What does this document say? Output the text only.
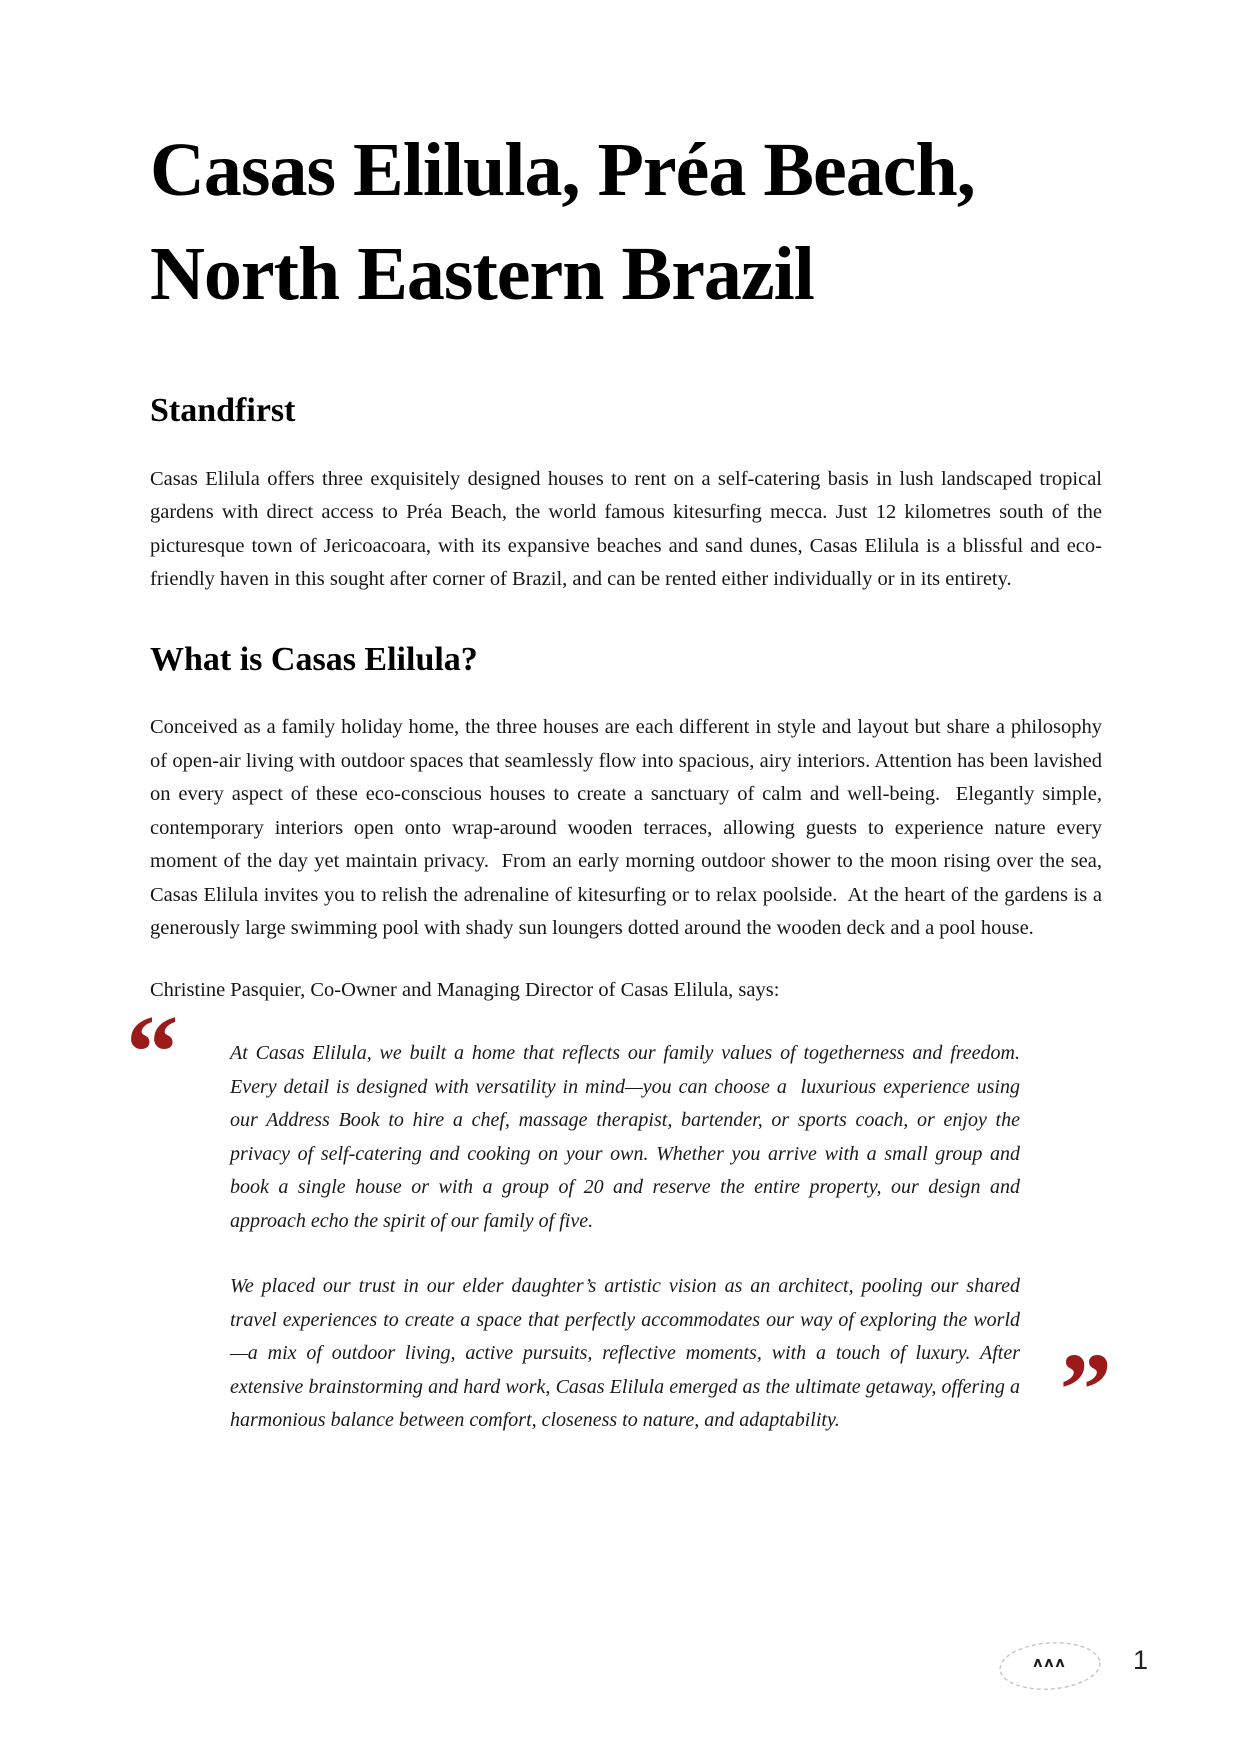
Casas Elilula, Préa Beach,
North Eastern Brazil
Standfirst

Casas Elilula offers three exquisitely designed houses to rent on a self-catering basis in lush landscaped tropical gardens with direct access to Préa Beach, the world famous kitesurfing mecca. Just 12 kilometres south of the picturesque town of Jericoacoara, with its expansive beaches and sand dunes, Casas Elilula is a blissful and eco-friendly haven in this sought after corner of Brazil, and can be rented either individually or in its entirety.

What is Casas Elilula?

Conceived as a family holiday home, the three houses are each different in style and layout but share a philosophy of open-air living with outdoor spaces that seamlessly flow into spacious, airy interiors. Attention has been lavished on every aspect of these eco-conscious houses to create a sanctuary of calm and well-being.  Elegantly simple, contemporary interiors open onto wrap-around wooden terraces, allowing guests to experience nature every moment of the day yet maintain privacy.  From an early morning outdoor shower to the moon rising over the sea, Casas Elilula invites you to relish the adrenaline of kitesurfing or to relax poolside.  At the heart of the gardens is a generously large swimming pool with shady sun loungers dotted around the wooden deck and a pool house.

Christine Pasquier, Co-Owner and Managing Director of Casas Elilula, says:

“	At Casas Elilula, we built a home that reflects our family values of togetherness and freedom. Every detail is designed with versatility in mind—you can choose a  luxurious experience using our Address Book to hire a chef, massage therapist, bartender, or sports coach, or enjoy the privacy of self-catering and cooking on your own. Whether you arrive with a small group and book a single house or with a group of 20 and reserve the entire property, our design and approach echo the spirit of our family of five.

We placed our trust in our elder daughter’s artistic vision as an architect, pooling our shared travel experiences to create a space that perfectly accommodates our way of exploring the world—a mix of outdoor living, active pursuits, reflective moments, with a touch of luxury. After extensive brainstorming and hard work, Casas Elilula emerged as the ultimate getaway, offering a harmonious balance between comfort, closeness to nature, and adaptability.	”
ʌʌʌ	1
